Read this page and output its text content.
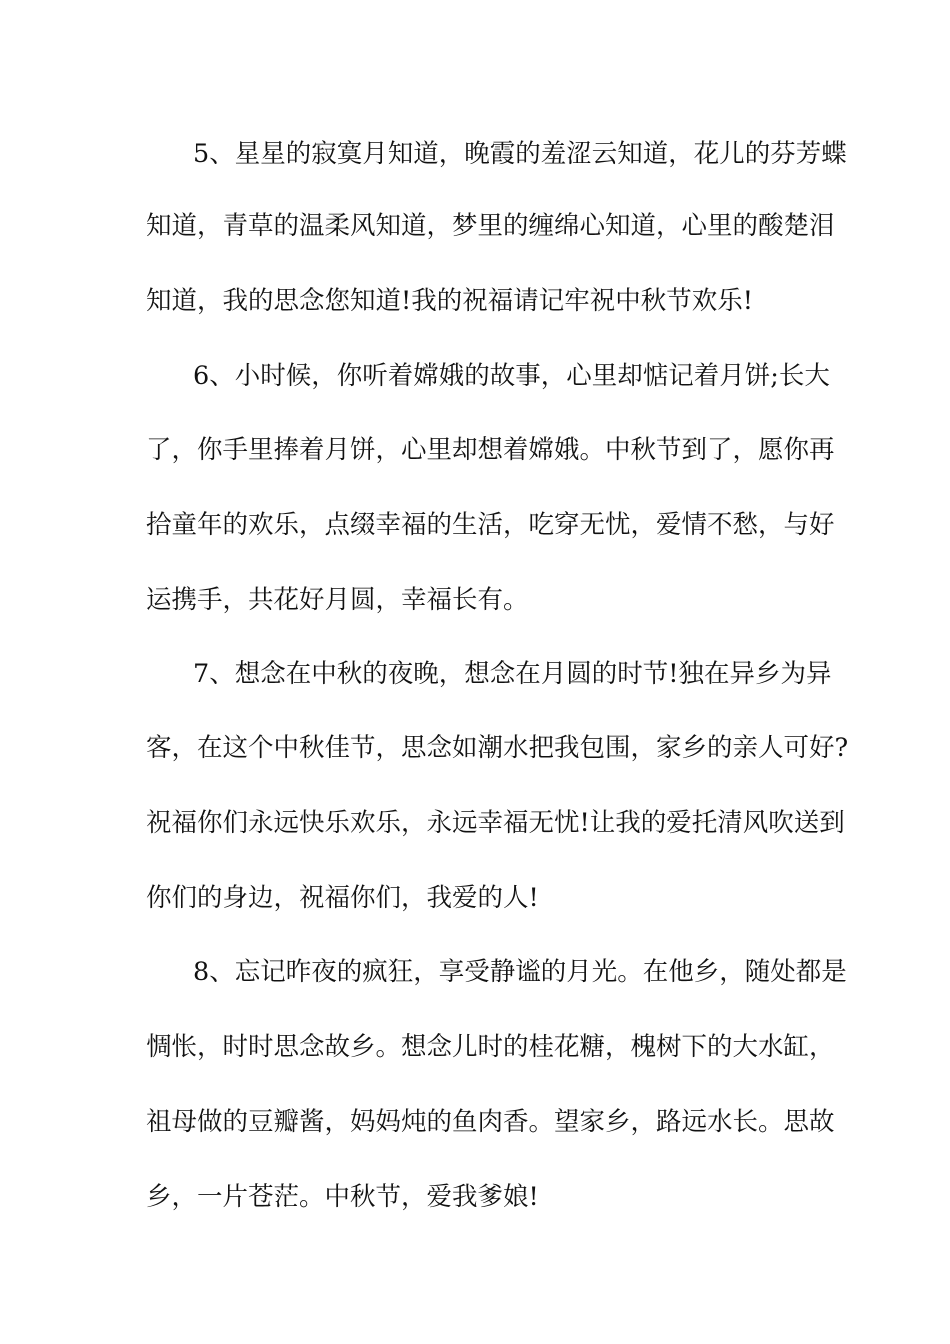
5、星星的寂寞月知道，晚霞的羞涩云知道，花儿的芬芳蝶
知道，青草的温柔风知道，梦里的缠绵心知道，心里的酸楚泪
知道，我的思念您知道!我的祝福请记牢祝中秋节欢乐!
6、小时候，你听着嫦娥的故事，心里却惦记着月饼;长大
了，你手里捧着月饼，心里却想着嫦娥。中秋节到了，愿你再
拾童年的欢乐，点缀幸福的生活，吃穿无忧，爱情不愁，与好
运携手，共花好月圆，幸福长有。
7、想念在中秋的夜晚，想念在月圆的时节!独在异乡为异
客，在这个中秋佳节，思念如潮水把我包围，家乡的亲人可好?
祝福你们永远快乐欢乐，永远幸福无忧!让我的爱托清风吹送到
你们的身边，祝福你们，我爱的人!
8、忘记昨夜的疯狂，享受静谧的月光。在他乡，随处都是
惆怅，时时思念故乡。想念儿时的桂花糖，槐树下的大水缸，
祖母做的豆瓣酱，妈妈炖的鱼肉香。望家乡，路远水长。思故
乡，一片苍茫。中秋节，爱我爹娘!
